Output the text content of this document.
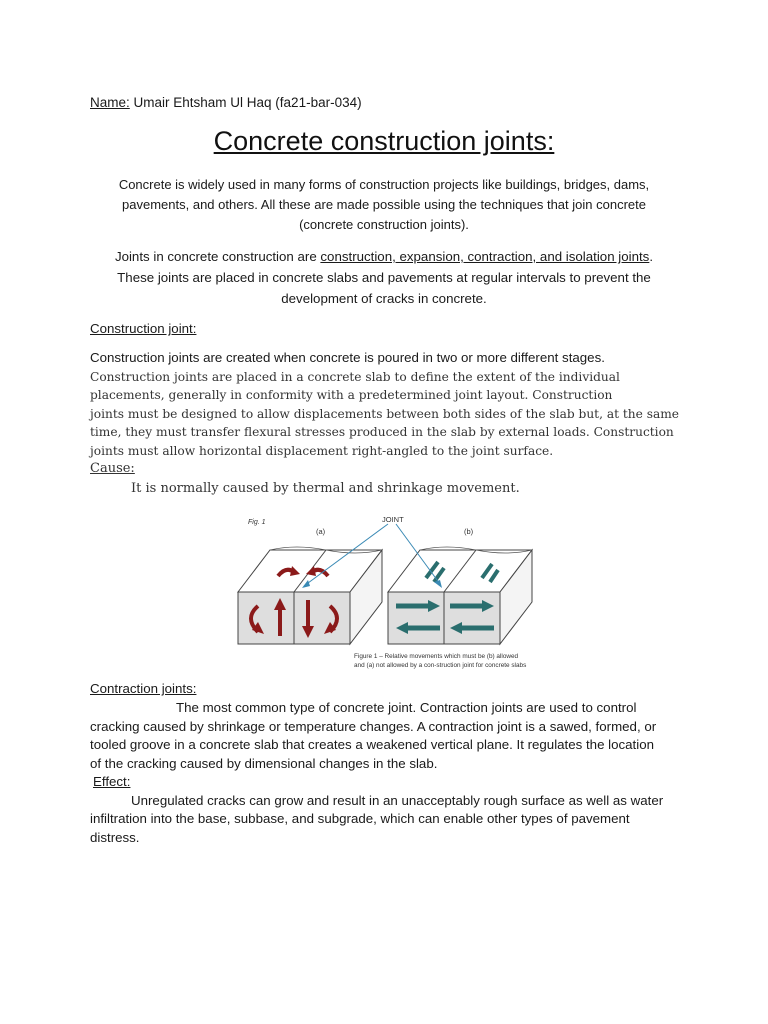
Name: Umair Ehtsham Ul Haq (fa21-bar-034)
Concrete construction joints:
Concrete is widely used in many forms of construction projects like buildings, bridges, dams,
pavements, and others. All these are made possible using the techniques that join concrete
(concrete construction joints).
Joints in concrete construction are construction, expansion, contraction, and isolation joints.
These joints are placed in concrete slabs and pavements at regular intervals to prevent the
development of cracks in concrete.
Construction joint:
Construction joints are created when concrete is poured in two or more different stages.
Construction joints are placed in a concrete slab to define the extent of the individual
placements, generally in conformity with a predetermined joint layout. Construction
joints must be designed to allow displacements between both sides of the slab but, at the same
time, they must transfer flexural stresses produced in the slab by external loads. Construction
joints must allow horizontal displacement right-angled to the joint surface.
Cause:
It is normally caused by thermal and shrinkage movement.
Fig. 1
(a)	(b)
JOINT
Figure 1 – Relative movements which must be (b) allowed
and (a) not allowed by a con-struction joint for concrete slabs
Contraction joints:
The most common type of concrete joint. Contraction joints are used to control
cracking caused by shrinkage or temperature changes. A contraction joint is a sawed, formed, or
tooled groove in a concrete slab that creates a weakened vertical plane. It regulates the location
of the cracking caused by dimensional changes in the slab.
Effect:
Unregulated cracks can grow and result in an unacceptably rough surface as well as water
infiltration into the base, subbase, and subgrade, which can enable other types of pavement
distress.
